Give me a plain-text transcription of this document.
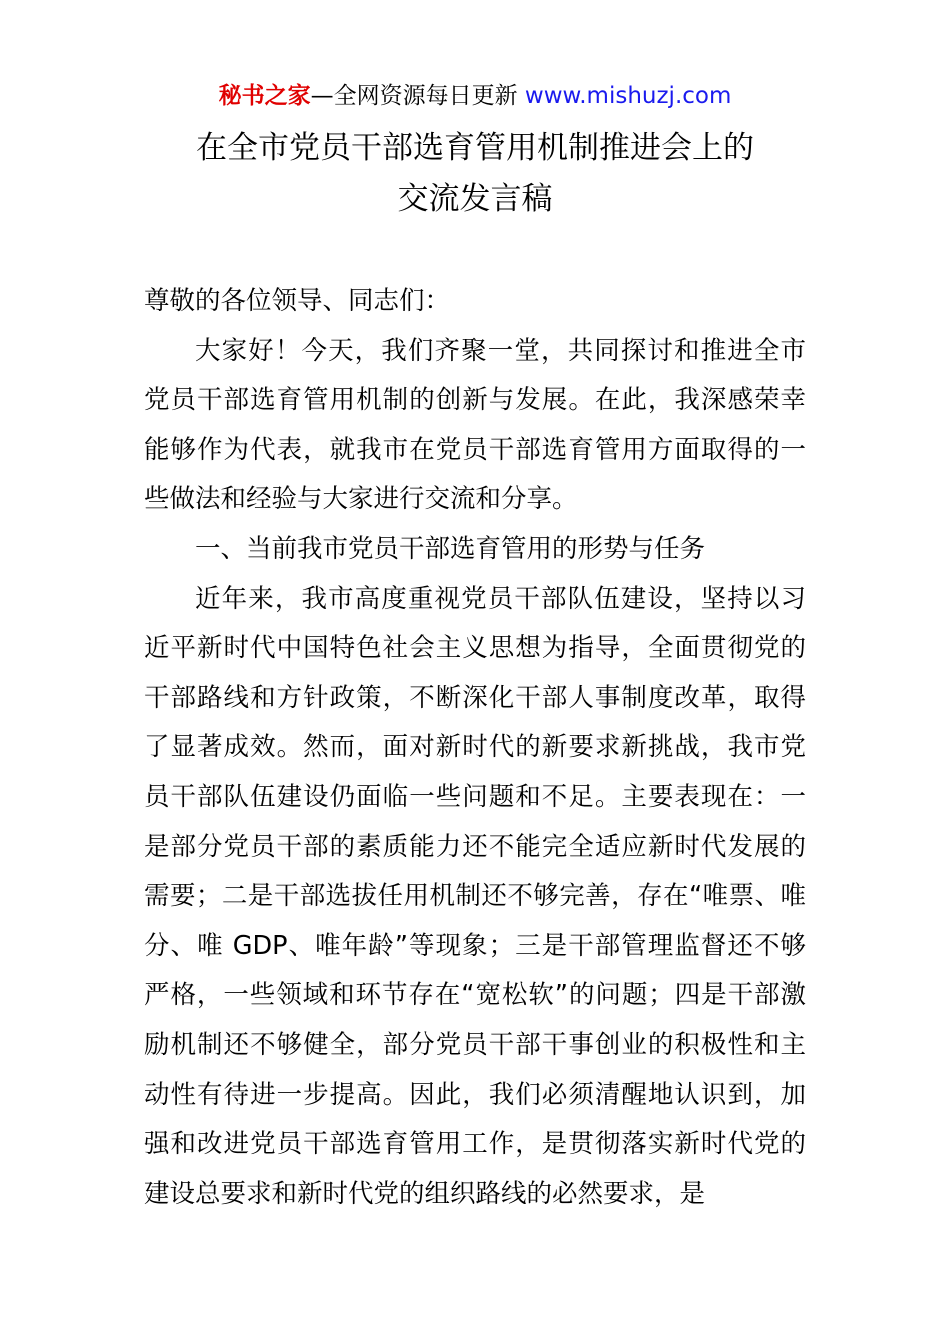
秘书之家—全网资源每日更新 www.mishuzj.com
在全市党员干部选育管用机制推进会上的
交流发言稿

尊敬的各位领导、同志们：

大家好！今天，我们齐聚一堂，共同探讨和推进全市党员干部选育管用机制的创新与发展。在此，我深感荣幸能够作为代表，就我市在党员干部选育管用方面取得的一些做法和经验与大家进行交流和分享。

一、当前我市党员干部选育管用的形势与任务

近年来，我市高度重视党员干部队伍建设，坚持以习近平新时代中国特色社会主义思想为指导，全面贯彻党的干部路线和方针政策，不断深化干部人事制度改革，取得了显著成效。然而，面对新时代的新要求新挑战，我市党员干部队伍建设仍面临一些问题和不足。主要表现在：一是部分党员干部的素质能力还不能完全适应新时代发展的需要；二是干部选拔任用机制还不够完善，存在“唯票、唯分、唯 GDP、唯年龄”等现象；三是干部管理监督还不够严格，一些领域和环节存在“宽松软”的问题；四是干部激励机制还不够健全，部分党员干部干事创业的积极性和主动性有待进一步提高。因此，我们必须清醒地认识到，加强和改进党员干部选育管用工作，是贯彻落实新时代党的建设总要求和新时代党的组织路线的必然要求，是
